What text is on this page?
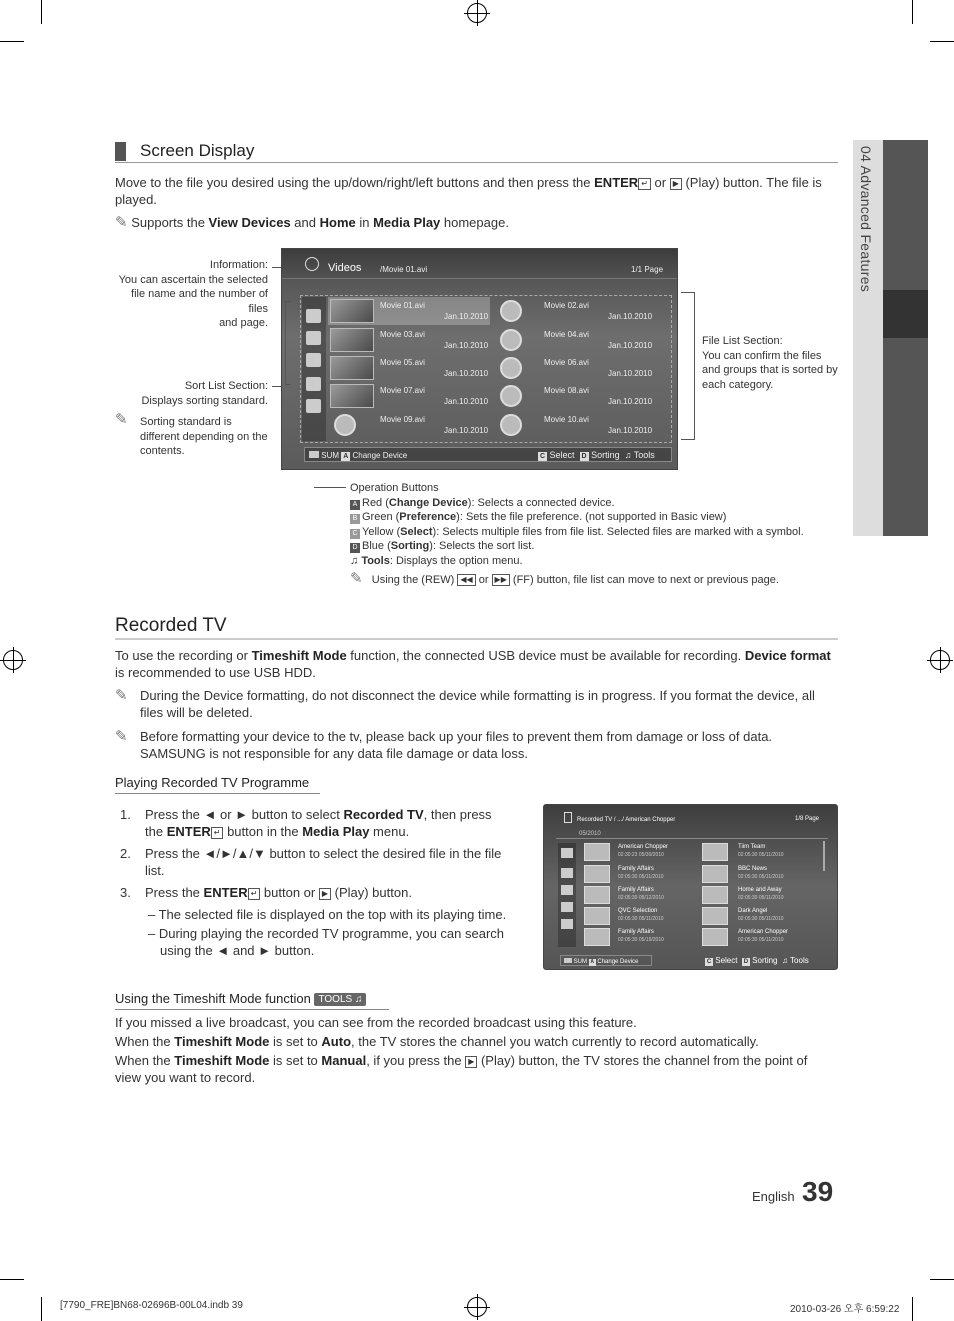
04 Advanced Features
Screen Display
Move to the file you desired using the up/down/right/left buttons and then press the ENTER ↵ or ▶ (Play) button. The file is
played.
✎ Supports the View Devices and Home in Media Play homepage.
Information:
You can ascertain the selected
file name and the number of files
and page.
Sort List Section:
Displays sorting standard.
✎ Sorting standard is
different depending on the
contents.
Videos /Movie 01.avi	1/1 Page
Movie 01.avi
Jan.10.2010
Movie 02.avi
Jan.10.2010
Movie 03.avi
Jan.10.2010
Movie 04.avi
Jan.10.2010
Movie 05.avi
Jan.10.2010
Movie 06.avi
Jan.10.2010
Movie 07.avi
Jan.10.2010
Movie 08.avi
Jan.10.2010
Movie 09.avi
Jan.10.2010
Movie 10.avi
Jan.10.2010
SUM A Change Device	C Select D Sorting ♫ Tools
File List Section:
You can confirm the files
and groups that is sorted by
each category.
Operation Buttons
A Red (Change Device): Selects a connected device.
B Green (Preference): Sets the file preference. (not supported in Basic view)
C Yellow (Select): Selects multiple files from file list. Selected files are marked with a symbol.
D Blue (Sorting): Selects the sort list.
♫ Tools: Displays the option menu.
✎ Using the (REW) ◀◀ or ▶▶ (FF) button, file list can move to next or previous page.
Recorded TV
To use the recording or Timeshift Mode function, the connected USB device must be available for recording. Device format
is recommended to use USB HDD.
✎ During the Device formatting, do not disconnect the device while formatting is in progress. If you format the device, all
files will be deleted.
✎ Before formatting your device to the tv, please back up your files to prevent them from damage or loss of data.
SAMSUNG is not responsible for any data file damage or data loss.
Playing Recorded TV Programme
1. Press the ◄ or ► button to select Recorded TV, then press
the ENTER ↵ button in the Media Play menu.
2. Press the ◄/►/▲/▼ button to select the desired file in the file
list.
3. Press the ENTER ↵ button or ▶ (Play) button.
– The selected file is displayed on the top with its playing time.
– During playing the recorded TV programme, you can search
using the ◄ and ► button.
Recorded TV / .../ American Chopper	1/8 Page
05/2010
American Chopper
02:30:23 05/30/2010
Tiim Team
02:05:30 05/11/2010
Family Affairs
02:05:30 05/11/2010
BBC News
02:05:30 05/11/2010
Family Affairs
02:05:30 05/12/2010
Home and Away
02:05:30 05/11/2010
QVC Selection
02:05:30 05/11/2010
Dark Angel
02:05:30 05/11/2010
Family Affairs
02:05:30 05/19/2010
American Chopper
02:05:30 05/11/2010
SUM A Change Device	C Select D Sorting ♫ Tools
Using the Timeshift Mode function TOOLS ♫
If you missed a live broadcast, you can see from the recorded broadcast using this feature.
When the Timeshift Mode is set to Auto, the TV stores the channel you watch currently to record automatically.
When the Timeshift Mode is set to Manual, if you press the ▶ (Play) button, the TV stores the channel from the point of
view you want to record.
English 39
[7790_FRE]BN68-02696B-00L04.indb 39	2010-03-26 오후 6:59:22
